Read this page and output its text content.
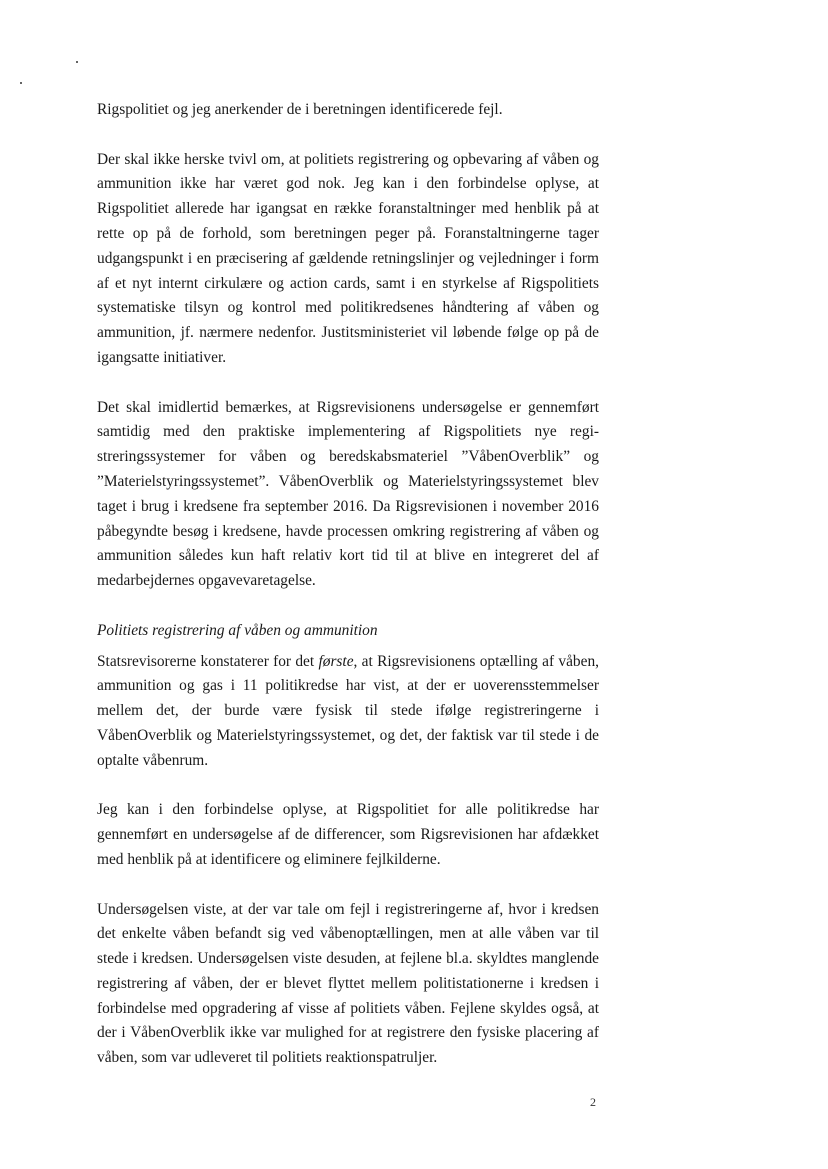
Rigspolitiet og jeg anerkender de i beretningen identificerede fejl.

Der skal ikke herske tvivl om, at politiets registrering og opbevaring af våben og ammunition ikke har været god nok. Jeg kan i den forbindelse oplyse, at Rigspolitiet allerede har igangsat en række foranstaltninger med henblik på at rette op på de forhold, som beretningen peger på. Foranstaltningerne tager udgangspunkt i en præcisering af gældende retningslinjer og vejledninger i form af et nyt internt cirkulære og action cards, samt i en styrkelse af Rigspolitiets systematiske tilsyn og kontrol med politikredsenes håndtering af våben og ammunition, jf. nærmere nedenfor. Justitsministeriet vil løbende følge op på de igangsatte initiativer.

Det skal imidlertid bemærkes, at Rigsrevisionens undersøgelse er gennemført samtidig med den praktiske implementering af Rigspolitiets nye registreringssystemer for våben og beredskabsmateriel ”VåbenOverblik” og ”Materielstyringssystemet”. VåbenOverblik og Materielstyringssystemet blev taget i brug i kredsene fra september 2016. Da Rigsrevisionen i november 2016 påbegyndte besøg i kredsene, havde processen omkring registrering af våben og ammunition således kun haft relativ kort tid til at blive en integreret del af medarbejdernes opgavevaretagelse.

Politiets registrering af våben og ammunition

Statsrevisorerne konstaterer for det første, at Rigsrevisionens optælling af våben, ammunition og gas i 11 politikredse har vist, at der er uoverensstemmelser mellem det, der burde være fysisk til stede ifølge registreringerne i VåbenOverblik og Materielstyringssystemet, og det, der faktisk var til stede i de optalte våbenrum.

Jeg kan i den forbindelse oplyse, at Rigspolitiet for alle politikredse har gennemført en undersøgelse af de differencer, som Rigsrevisionen har afdækket med henblik på at identificere og eliminere fejlkilderne.

Undersøgelsen viste, at der var tale om fejl i registreringerne af, hvor i kredsen det enkelte våben befandt sig ved våbenoptællingen, men at alle våben var til stede i kredsen. Undersøgelsen viste desuden, at fejlene bl.a. skyldtes manglende registrering af våben, der er blevet flyttet mellem politistationerne i kredsen i forbindelse med opgradering af visse af politiets våben. Fejlene skyldes også, at der i VåbenOverblik ikke var mulighed for at registrere den fysiske placering af våben, som var udleveret til politiets reaktionspatruljer.

2
